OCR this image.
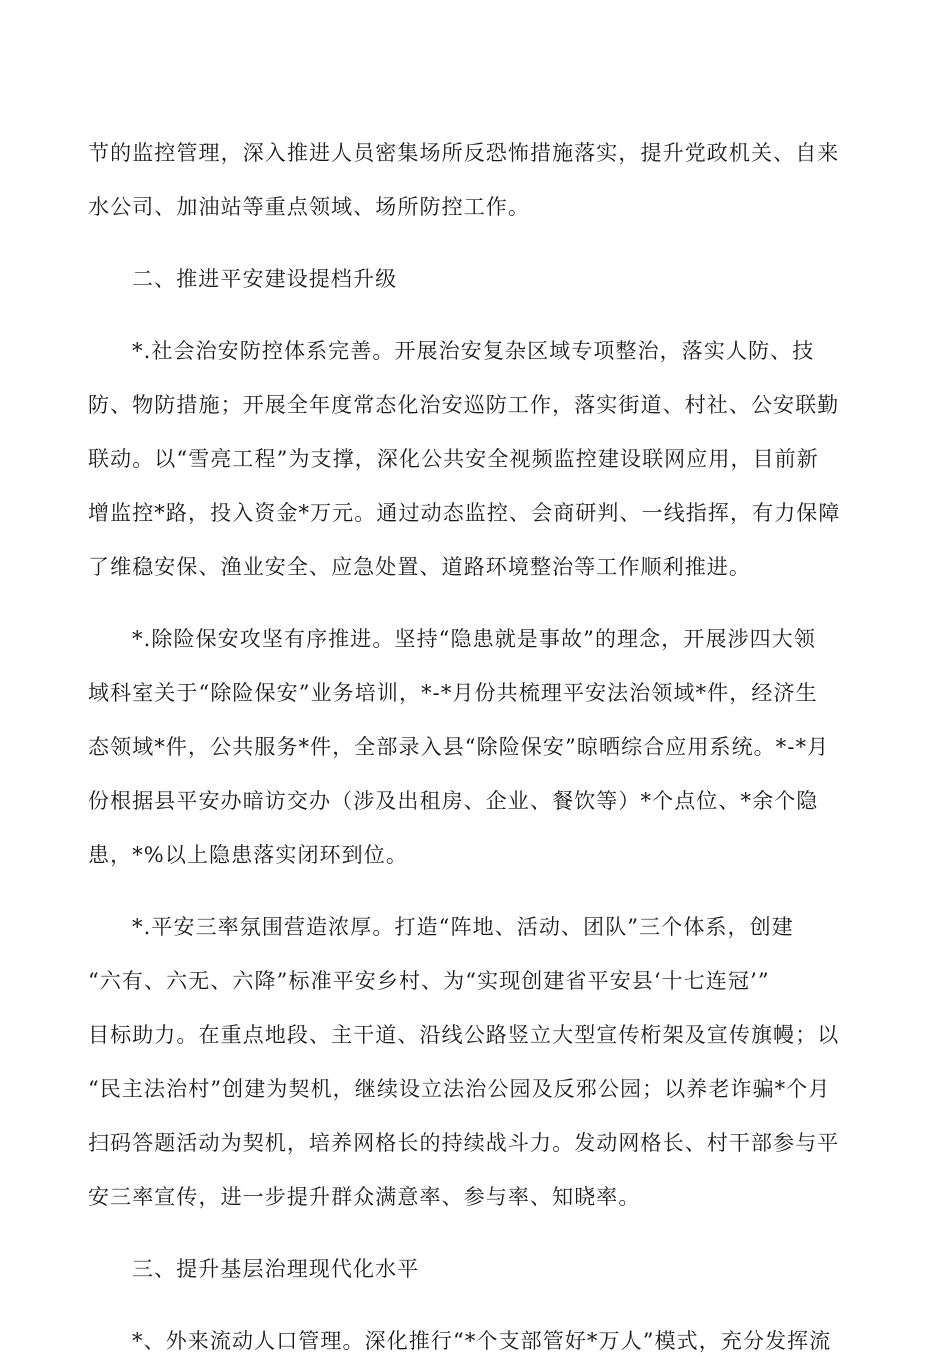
节的监控管理，深入推进人员密集场所反恐怖措施落实，提升党政机关、自来
水公司、加油站等重点领域、场所防控工作。
二、推进平安建设提档升级
*.社会治安防控体系完善。开展治安复杂区域专项整治，落实人防、技
防、物防措施；开展全年度常态化治安巡防工作，落实街道、村社、公安联勤
联动。以“雪亮工程”为支撑，深化公共安全视频监控建设联网应用，目前新
增监控*路，投入资金*万元。通过动态监控、会商研判、一线指挥，有力保障
了维稳安保、渔业安全、应急处置、道路环境整治等工作顺利推进。
*.除险保安攻坚有序推进。坚持“隐患就是事故”的理念，开展涉四大领
域科室关于“除险保安”业务培训，*-*月份共梳理平安法治领域*件，经济生
态领域*件，公共服务*件，全部录入县“除险保安”晾晒综合应用系统。*-*月
份根据县平安办暗访交办（涉及出租房、企业、餐饮等）*个点位、*余个隐
患，*%以上隐患落实闭环到位。
*.平安三率氛围营造浓厚。打造“阵地、活动、团队”三个体系，创建
“六有、六无、六降”标准平安乡村、为“实现创建省平安县‘十七连冠’”
目标助力。在重点地段、主干道、沿线公路竖立大型宣传桁架及宣传旗幔；以
“民主法治村”创建为契机，继续设立法治公园及反邪公园；以养老诈骗*个月
扫码答题活动为契机，培养网格长的持续战斗力。发动网格长、村干部参与平
安三率宣传，进一步提升群众满意率、参与率、知晓率。
三、提升基层治理现代化水平
*、外来流动人口管理。深化推行“*个支部管好*万人”模式，充分发挥流
